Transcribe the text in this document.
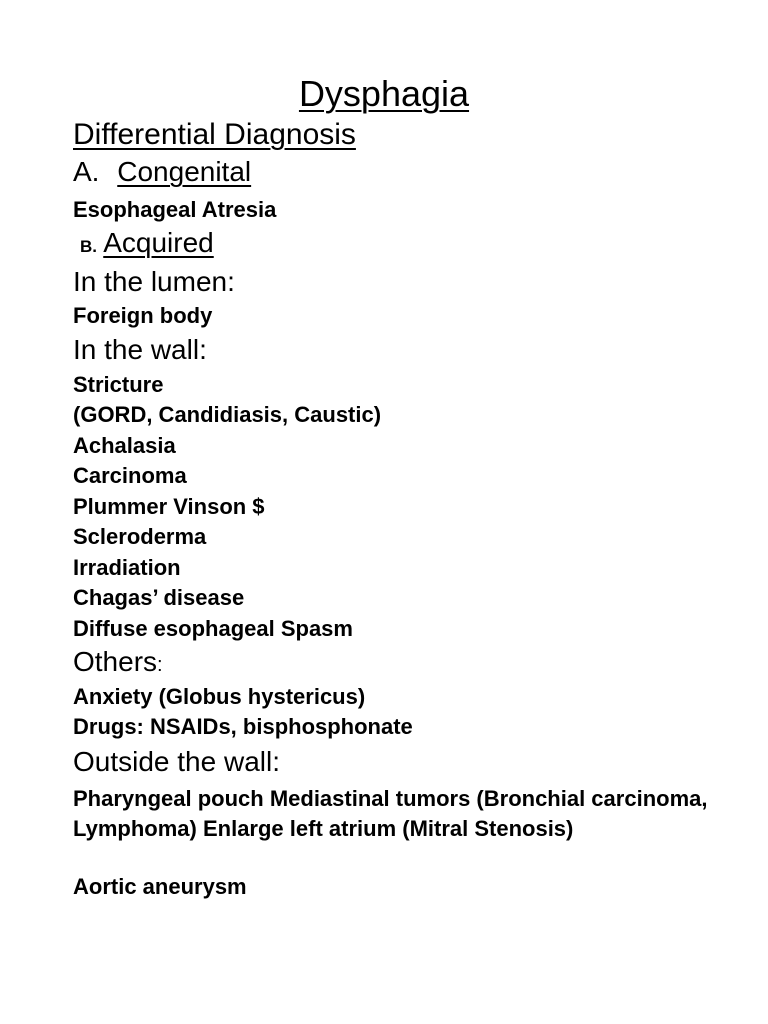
Dysphagia
Differential Diagnosis
A. Congenital
Esophageal Atresia
B. Acquired
In the lumen:
Foreign body
In the wall:
Stricture
(GORD, Candidiasis, Caustic)
Achalasia
Carcinoma
Plummer Vinson $
Scleroderma
Irradiation
Chagas’ disease
Diffuse esophageal Spasm
Others:
Anxiety (Globus hystericus)
Drugs: NSAIDs, bisphosphonate
Outside the wall:
Pharyngeal pouch Mediastinal tumors (Bronchial carcinoma, Lymphoma) Enlarge left atrium (Mitral Stenosis)
Aortic aneurysm
